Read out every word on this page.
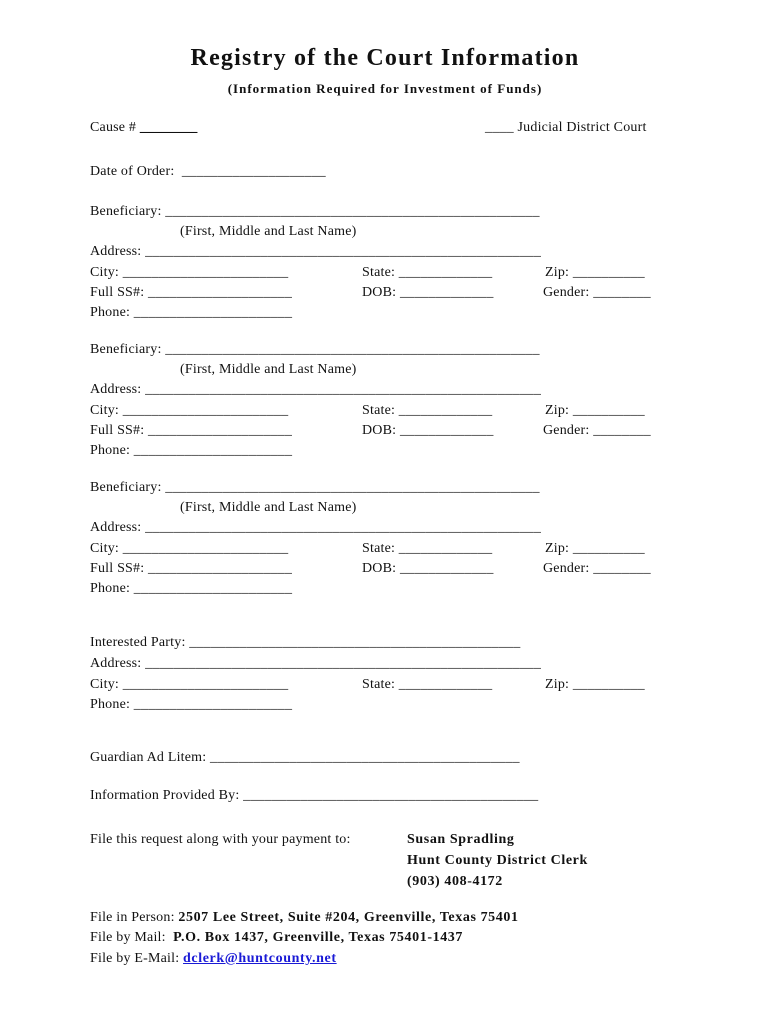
Registry of the Court Information
(Information Required for Investment of Funds)
Cause # ________	____ Judicial District Court
Date of Order: ____________________
Beneficiary: ____________________________________________________
(First, Middle and Last Name)
Address: _______________________________________________________
City: _______________________	State: _____________	Zip: __________
Full SS#: ____________________	DOB: _____________	Gender: ________
Phone: ______________________
Beneficiary: ____________________________________________________
(First, Middle and Last Name)
Address: _______________________________________________________
City: _______________________	State: _____________	Zip: __________
Full SS#: ____________________	DOB: _____________	Gender: ________
Phone: ______________________
Beneficiary: ____________________________________________________
(First, Middle and Last Name)
Address: _______________________________________________________
City: _______________________	State: _____________	Zip: __________
Full SS#: ____________________	DOB: _____________	Gender: ________
Phone: ______________________
Interested Party: ______________________________________________
Address: _______________________________________________________
City: _______________________	State: _____________	Zip: __________
Phone: ______________________
Guardian Ad Litem: ___________________________________________
Information Provided By: _________________________________________
File this request along with your payment to:	Susan Spradling
Hunt County District Clerk
(903) 408-4172
File in Person: 2507 Lee Street, Suite #204, Greenville, Texas 75401
File by Mail: P.O. Box 1437, Greenville, Texas 75401-1437
File by E-Mail: dclerk@huntcounty.net
